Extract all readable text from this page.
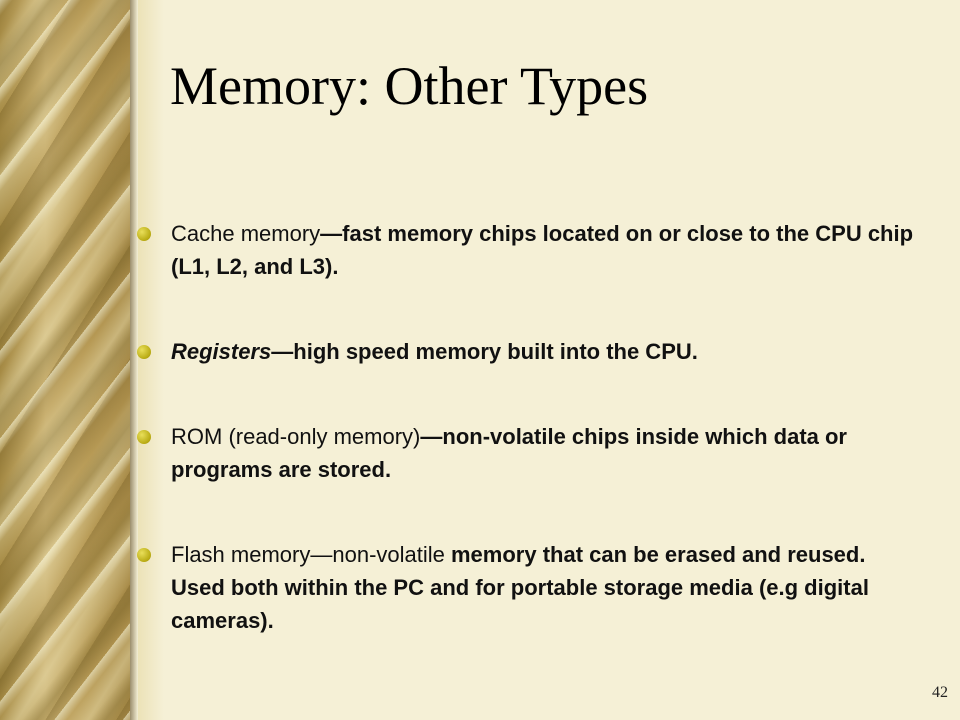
Memory: Other Types
Cache memory—fast memory chips located on or close to the CPU chip (L1, L2, and L3).
Registers—high speed memory built into the CPU.
ROM (read-only memory)—non-volatile chips inside which data or programs are stored.
Flash memory—non-volatile memory that can be erased and reused. Used both within the PC and for portable storage media (e.g digital cameras).
42
